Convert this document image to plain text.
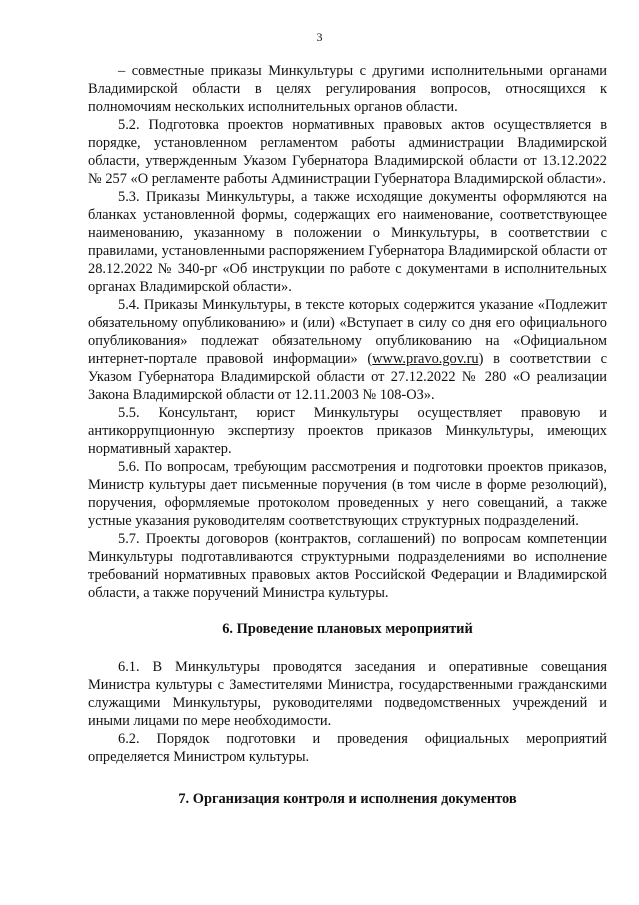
3

– совместные приказы Минкультуры с другими исполнительными органами Владимирской области в целях регулирования вопросов, относящихся к полномочиям нескольких исполнительных органов области.

5.2. Подготовка проектов нормативных правовых актов осуществляется в порядке, установленном регламентом работы администрации Владимирской области, утвержденным Указом Губернатора Владимирской области от 13.12.2022 № 257 «О регламенте работы Администрации Губернатора Владимирской области».

5.3. Приказы Минкультуры, а также исходящие документы оформляются на бланках установленной формы, содержащих его наименование, соответствующее наименованию, указанному в положении о Минкультуры, в соответствии с правилами, установленными распоряжением Губернатора Владимирской области от 28.12.2022 № 340-рг «Об инструкции по работе с документами в исполнительных органах Владимирской области».

5.4. Приказы Минкультуры, в тексте которых содержится указание «Подлежит обязательному опубликованию» и (или) «Вступает в силу со дня его официального опубликования» подлежат обязательному опубликованию на «Официальном интернет-портале правовой информации» (www.pravo.gov.ru) в соответствии с Указом Губернатора Владимирской области от 27.12.2022 № 280 «О реализации Закона Владимирской области от 12.11.2003 № 108-ОЗ».

5.5. Консультант, юрист Минкультуры осуществляет правовую и антикоррупционную экспертизу проектов приказов Минкультуры, имеющих нормативный характер.

5.6. По вопросам, требующим рассмотрения и подготовки проектов приказов, Министр культуры дает письменные поручения (в том числе в форме резолюций), поручения, оформляемые протоколом проведенных у него совещаний, а также устные указания руководителям соответствующих структурных подразделений.

5.7. Проекты договоров (контрактов, соглашений) по вопросам компетенции Минкультуры подготавливаются структурными подразделениями во исполнение требований нормативных правовых актов Российской Федерации и Владимирской области, а также поручений Министра культуры.

6. Проведение плановых мероприятий

6.1. В Минкультуры проводятся заседания и оперативные совещания Министра культуры с Заместителями Министра, государственными гражданскими служащими Минкультуры, руководителями подведомственных учреждений и иными лицами по мере необходимости.

6.2. Порядок подготовки и проведения официальных мероприятий определяется Министром культуры.

7. Организация контроля и исполнения документов
